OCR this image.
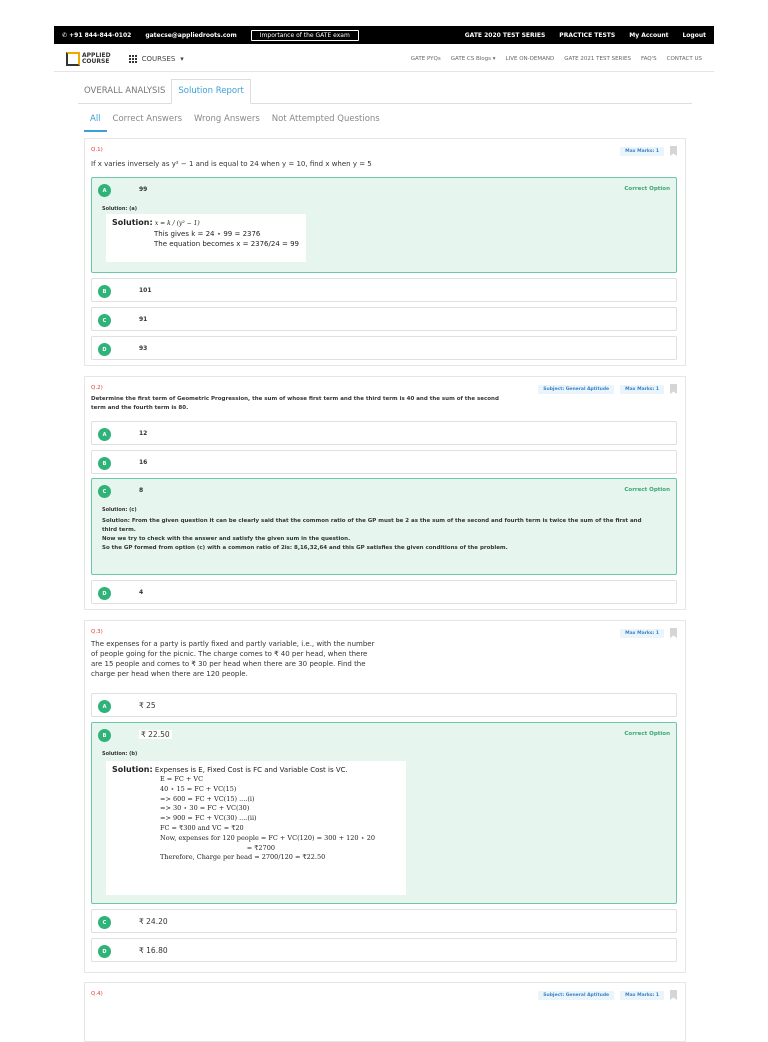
✆ +91 844-844-0102 gatecse@appliedroots.com	Importance of the GATE exam	GATE 2020 TEST SERIES PRACTICE TESTS My Account Logout
APPLIED
COURSE	COURSES ▾	GATE PYQs GATE CS Blogs ▾ LIVE ON-DEMAND GATE 2021 TEST SERIES FAQ'S CONTACT US
OVERALL ANALYSIS	Solution Report
All	Correct Answers	Wrong Answers	Not Attempted Questions
Q.1)
If x varies inversely as y² − 1 and is equal to 24 when y = 10, find x when y = 5
Max Marks: 1
A	99	Correct Option
Solution: (a)
Solution: x = k / (y² − 1)
This gives k = 24 ⋆ 99 = 2376
The equation becomes x = 2376/24 = 99
B	101
C	91
D	93
Q.2)
Determine the first term of Geometric Progression, the sum of whose first term and the third term is 40 and the sum of the second
term and the fourth term is 80.
Subject: General Aptitude	Max Marks: 1
A	12
B	16
C	8	Correct Option
Solution: (c)
Solution: From the given question it can be clearly said that the common ratio of the GP must be 2 as the sum of the second and fourth term is twice the sum of the first and
third term.
Now we try to check with the answer and satisfy the given sum in the question.
So the GP formed from option (c) with a common ratio of 2is: 8,16,32,64 and this GP satisfies the given conditions of the problem.
D	4
Q.3)
The expenses for a party is partly fixed and partly variable, i.e., with the number
of people going for the picnic. The charge comes to ₹ 40 per head, when there
are 15 people and comes to ₹ 30 per head when there are 30 people. Find the
charge per head when there are 120 people.
Max Marks: 1
A	₹ 25
B	₹ 22.50	Correct Option
Solution: (b)
Solution: Expenses is E, Fixed Cost is FC and Variable Cost is VC.
E = FC + VC
40 ⋆ 15 = FC + VC(15)
=> 600 = FC + VC(15) ....(i)
=> 30 ⋆ 30 = FC + VC(30)
=> 900 = FC + VC(30) ....(ii)
FC = ₹300 and VC = ₹20
Now, expenses for 120 people = FC + VC(120) = 300 + 120 ⋆ 20
= ₹2700
Therefore, Charge per head = 2700/120 = ₹22.50
C	₹ 24.20
D	₹ 16.80
Q.4)	Subject: General Aptitude	Max Marks: 1
